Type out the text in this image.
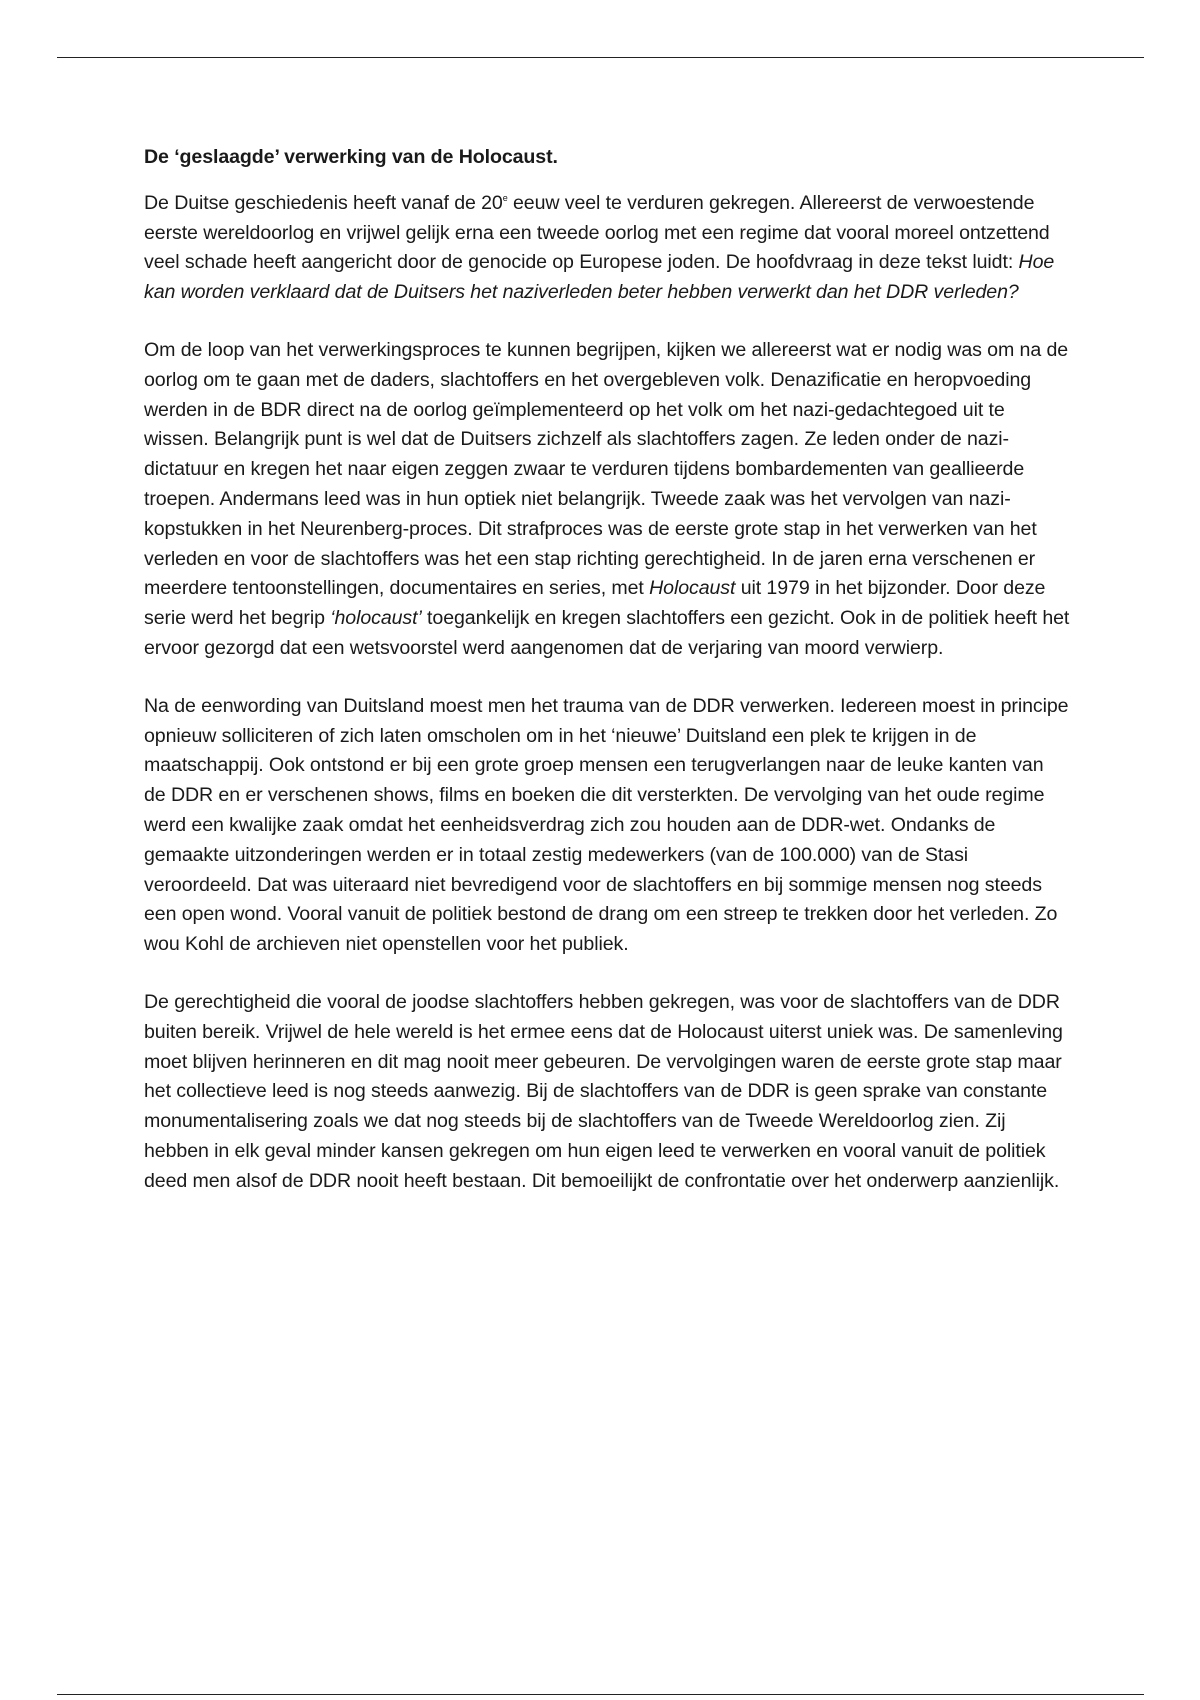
De ‘geslaagde’ verwerking van de Holocaust.

De Duitse geschiedenis heeft vanaf de 20e eeuw veel te verduren gekregen. Allereerst de verwoestende eerste wereldoorlog en vrijwel gelijk erna een tweede oorlog met een regime dat vooral moreel ontzettend veel schade heeft aangericht door de genocide op Europese joden. De hoofdvraag in deze tekst luidt: Hoe kan worden verklaard dat de Duitsers het naziverleden beter hebben verwerkt dan het DDR verleden?

Om de loop van het verwerkingsproces te kunnen begrijpen, kijken we allereerst wat er nodig was om na de oorlog om te gaan met de daders, slachtoffers en het overgebleven volk. Denazificatie en heropvoeding werden in de BDR direct na de oorlog geïmplementeerd op het volk om het nazi-gedachtegoed uit te wissen. Belangrijk punt is wel dat de Duitsers zichzelf als slachtoffers zagen. Ze leden onder de nazi-dictatuur en kregen het naar eigen zeggen zwaar te verduren tijdens bombardementen van geallieerde troepen. Andermans leed was in hun optiek niet belangrijk. Tweede zaak was het vervolgen van nazi-kopstukken in het Neurenberg-proces. Dit strafproces was de eerste grote stap in het verwerken van het verleden en voor de slachtoffers was het een stap richting gerechtigheid. In de jaren erna verschenen er meerdere tentoonstellingen, documentaires en series, met Holocaust uit 1979 in het bijzonder. Door deze serie werd het begrip ‘holocaust’ toegankelijk en kregen slachtoffers een gezicht. Ook in de politiek heeft het ervoor gezorgd dat een wetsvoorstel werd aangenomen dat de verjaring van moord verwierp.

Na de eenwording van Duitsland moest men het trauma van de DDR verwerken. Iedereen moest in principe opnieuw solliciteren of zich laten omscholen om in het ‘nieuwe’ Duitsland een plek te krijgen in de maatschappij. Ook ontstond er bij een grote groep mensen een terugverlangen naar de leuke kanten van de DDR en er verschenen shows, films en boeken die dit versterkten. De vervolging van het oude regime werd een kwalijke zaak omdat het eenheidsverdrag zich zou houden aan de DDR-wet. Ondanks de gemaakte uitzonderingen werden er in totaal zestig medewerkers (van de 100.000) van de Stasi veroordeeld. Dat was uiteraard niet bevredigend voor de slachtoffers en bij sommige mensen nog steeds een open wond. Vooral vanuit de politiek bestond de drang om een streep te trekken door het verleden. Zo wou Kohl de archieven niet openstellen voor het publiek.

De gerechtigheid die vooral de joodse slachtoffers hebben gekregen, was voor de slachtoffers van de DDR buiten bereik. Vrijwel de hele wereld is het ermee eens dat de Holocaust uiterst uniek was. De samenleving moet blijven herinneren en dit mag nooit meer gebeuren. De vervolgingen waren de eerste grote stap maar het collectieve leed is nog steeds aanwezig. Bij de slachtoffers van de DDR is geen sprake van constante monumentalisering zoals we dat nog steeds bij de slachtoffers van de Tweede Wereldoorlog zien. Zij hebben in elk geval minder kansen gekregen om hun eigen leed te verwerken en vooral vanuit de politiek deed men alsof de DDR nooit heeft bestaan. Dit bemoeilijkt de confrontatie over het onderwerp aanzienlijk.
